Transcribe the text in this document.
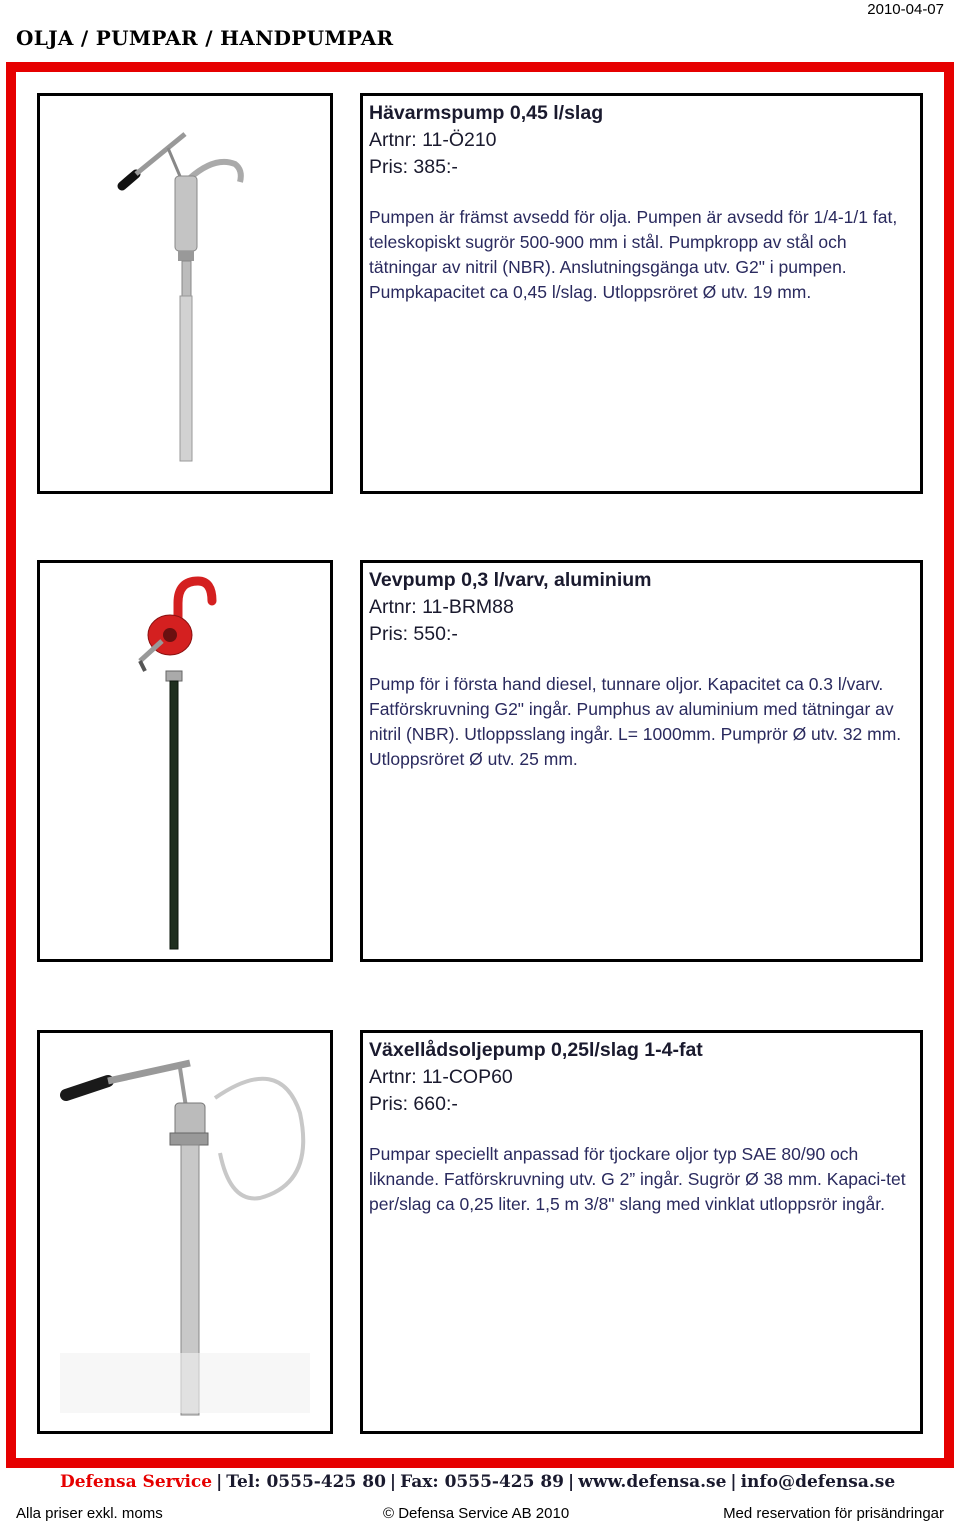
2010-04-07
OLJA / PUMPAR / HANDPUMPAR
Hävarmspump 0,45 l/slag
Artnr: 11-Ö210
Pris: 385:-
Pumpen är främst avsedd för olja. Pumpen är avsedd för 1/4-1/1 fat, teleskopiskt sugrör 500-900 mm i stål. Pumpkropp av stål och tätningar av nitril (NBR). Anslutningsgänga utv. G2" i pumpen. Pumpkapacitet ca 0,45 l/slag. Utloppsröret Ø utv. 19 mm.
Vevpump 0,3 l/varv, aluminium
Artnr: 11-BRM88
Pris: 550:-
Pump för i första hand diesel, tunnare oljor. Kapacitet ca 0.3 l/varv. Fatförskruvning G2" ingår. Pumphus av aluminium med tätningar av nitril (NBR). Utloppsslang ingår. L= 1000mm. Pumprör Ø utv. 32 mm. Utloppsröret Ø utv. 25 mm.
Växellådsoljepump 0,25l/slag 1-4-fat
Artnr: 11-COP60
Pris: 660:-
Pumpar speciellt anpassad för tjockare oljor typ SAE 80/90 och liknande. Fatförskruvning utv. G 2” ingår. Sugrör Ø 38 mm. Kapaci-tet per/slag ca 0,25 liter. 1,5 m 3/8" slang med vinklat utloppsrör ingår.
Defensa Service | Tel: 0555-425 80 | Fax: 0555-425 89 | www.defensa.se | info@defensa.se
Alla priser exkl. moms	© Defensa Service AB 2010	Med reservation för prisändringar
